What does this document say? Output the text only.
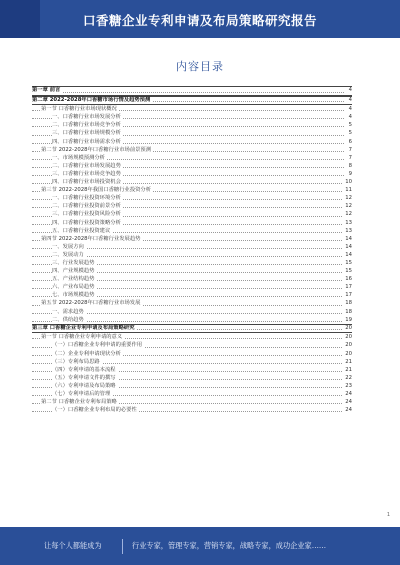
口香糖企业专利申请及布局策略研究报告
内容目录
第一章 前言	4
第二章 2022-2028年口香糖市场行情及趋势预测	4
第一节 口香糖行业市场现状概况	4
一、口香糖行业市场发展分析	4
二、口香糖行业市场竞争分析	5
三、口香糖行业市场规模分析	5
四、口香糖行业市场需求分析	6
第二节 2022-2028年口香糖行业市场前景预测	7
一、市场规模预测分析	7
二、口香糖行业市场发展趋势	8
三、口香糖行业市场竞争趋势	9
四、口香糖行业市场投资机会	10
第三节 2022-2028年我国口香糖行业投资分析	11
一、口香糖行业投资环境分析	12
二、口香糖行业投资前景分析	12
三、口香糖行业投资风险分析	12
四、口香糖行业投资策略分析	13
五、口香糖行业投资建议	13
第四节 2022-2028年口香糖行业发展趋势	14
一、发展方向	14
二、发展动力	14
三、行业发展趋势	15
四、产业规模趋势	15
五、产业结构趋势	16
六、产业布局趋势	17
七、市场规模趋势	17
第五节 2022-2028年口香糖行业市场发展	18
一、需求趋势	18
二、供给趋势	19
第三章 口香糖企业专利申请及布局策略研究	20
第一节 口香糖企业专利申请的意义	20
（一）口香糖企业专利申请的重要作用	20
（二）企业专利申请现状分析	20
（三）专利布局思路	21
（四）专利申请的基本流程	21
（五）专利申请文件的撰写	22
（六）专利申请及布局策略	23
（七）专利申请后的管理	24
第二节 口香糖企业专利布局策略	24
（一）口香糖企业专利布局的必要性	24
1
让每个人都能成为	行业专家，管理专家，营销专家，战略专家，成功企业家……
